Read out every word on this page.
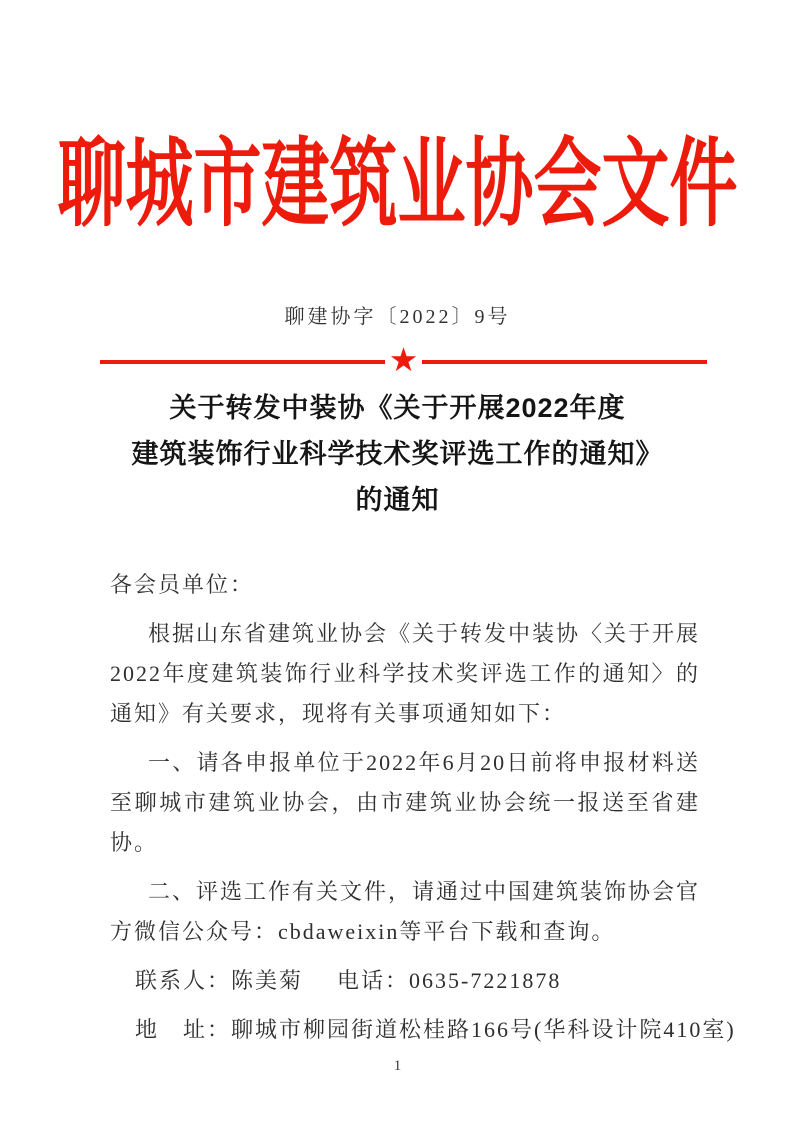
聊城市建筑业协会文件
聊建协字〔2022〕9号
★
关于转发中装协《关于开展2022年度
建筑装饰行业科学技术奖评选工作的通知》
的通知

各会员单位：

根据山东省建筑业协会《关于转发中装协〈关于开展2022年度建筑装饰行业科学技术奖评选工作的通知〉的通知》有关要求，现将有关事项通知如下：

一、请各申报单位于2022年6月20日前将申报材料送至聊城市建筑业协会，由市建筑业协会统一报送至省建协。

二、评选工作有关文件，请通过中国建筑装饰协会官方微信公众号：cbdaweixin等平台下载和查询。

联系人：陈美菊 电话：0635-7221878

地　址：聊城市柳园街道松桂路166号(华科设计院410室)

1
